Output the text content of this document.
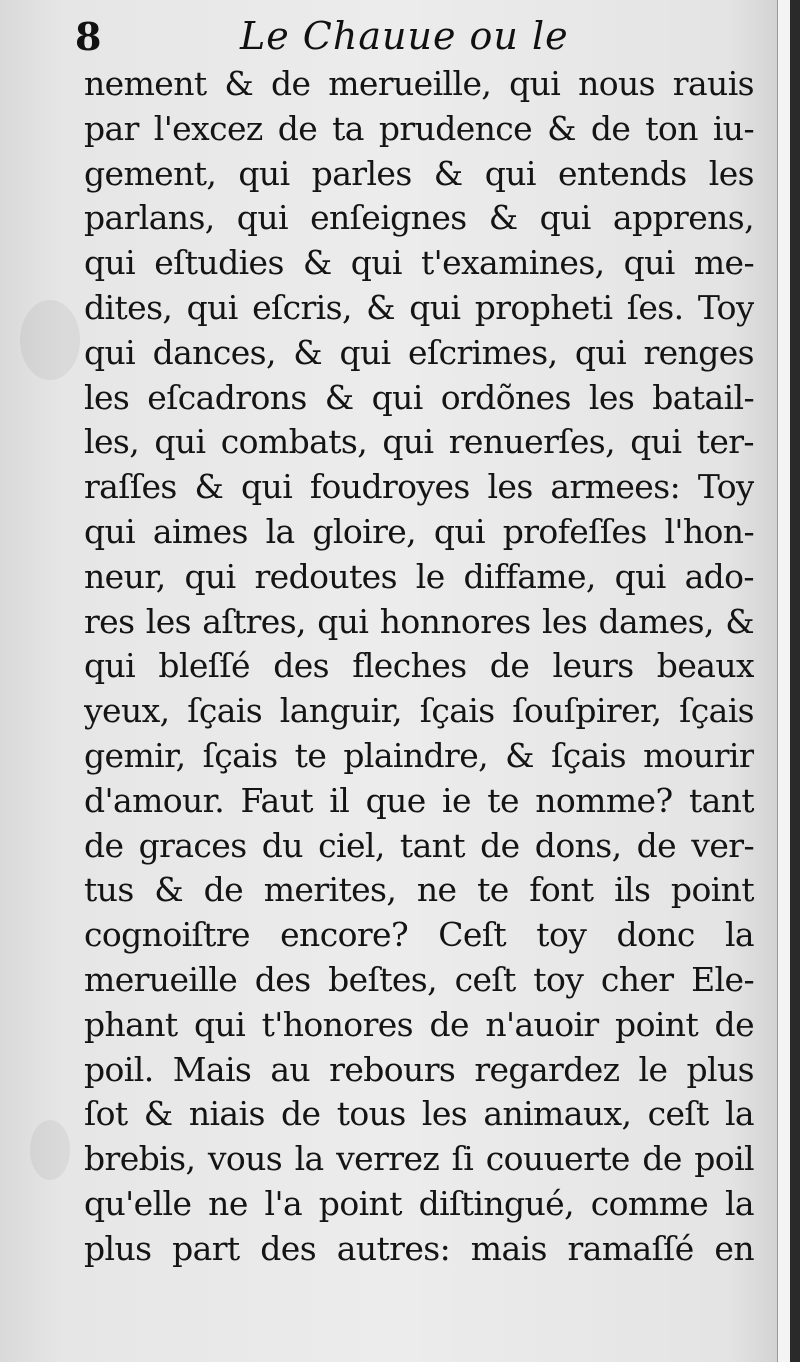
8	Le Chauue ou le
nement & de merueille, qui nous rauis
par l'excez de ta prudence & de ton iu-
gement, qui parles & qui entends les
parlans, qui enſeignes & qui apprens,
qui eſtudies & qui t'examines, qui me-
dites, qui eſcris, & qui propheti ſes. Toy
qui dances, & qui eſcrimes, qui renges
les eſcadrons & qui ordõnes les batail-
les, qui combats, qui renuerſes, qui ter-
raſſes & qui foudroyes les armees: Toy
qui aimes la gloire, qui profeſſes l'hon-
neur, qui redoutes le diffame, qui ado-
res les aſtres, qui honnores les dames, &
qui bleſſé des fleches de leurs beaux
yeux, ſçais languir, ſçais ſouſpirer, ſçais
gemir, ſçais te plaindre, & ſçais mourir
d'amour. Faut il que ie te nomme? tant
de graces du ciel, tant de dons, de ver-
tus & de merites, ne te font ils point
cognoiſtre encore? Ceſt toy donc la
merueille des beſtes, ceſt toy cher Ele-
phant qui t'honores de n'auoir point de
poil. Mais au rebours regardez le plus
ſot & niais de tous les animaux, ceſt la
brebis, vous la verrez ſi couuerte de poil
qu'elle ne l'a point diſtingué, comme la
plus part des autres: mais ramaſſé en
